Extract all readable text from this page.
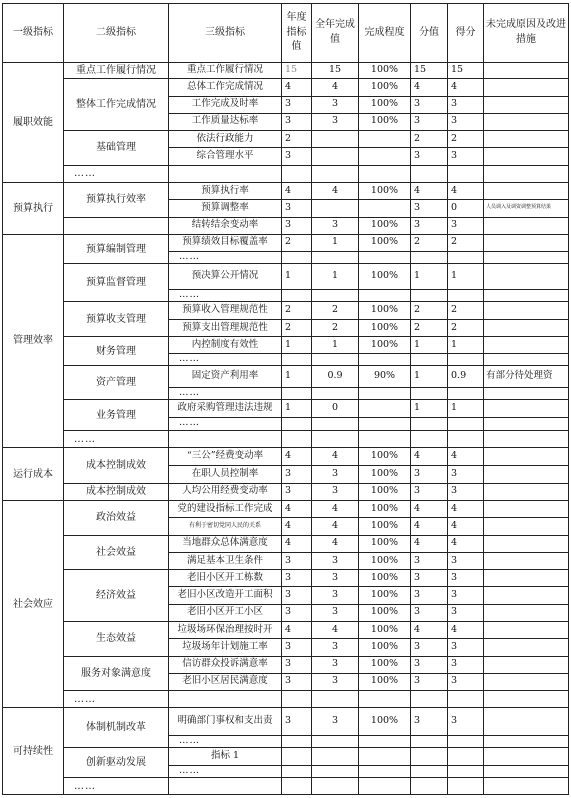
一级指标	二级指标	三级指标	年度指标值	全年完成值	完成程度	分值	得分	未完成原因及改进措施
履职效能	重点工作履行情况	重点工作履行情况	15	15	100%	15	15	
	整体工作完成情况	总体工作完成情况	4	4	100%	4	4	
		工作完成及时率	3	3	100%	3	3	
		工作质量达标率	3	3	100%	3	3	
	基础管理	依法行政能力	2			2	2	
		综合管理水平	3			3	3	
	……							
预算执行	预算执行效率	预算执行率	4	4	100%	4	4	
		预算调整率	3			3	0	人员调入及调资调整预算结果
		结转结余变动率	3	3	100%	3	3	
管理效率	预算编制管理	预算绩效目标覆盖率	2	1	100%	2	2	
		……						
	预算监督管理	预决算公开情况	1	1	100%	1	1	
		……						
	预算收支管理	预算收入管理规范性	2	2	100%	2	2	
		预算支出管理规范性	2	2	100%	2	2	
	财务管理	内控制度有效性	1	1	100%	1	1	
		……						
	资产管理	固定资产利用率	1	0.9	90%	1	0.9	有部分待处理资
		……						
	业务管理	政府采购管理违法违规	1	0		1	1	
		……						
	……							
运行成本	成本控制成效	“三公”经费变动率	4	4	100%	4	4	
		在职人员控制率	3	3	100%	3	3	
	成本控制成效	人均公用经费变动率	3	3	100%	3	3	
社会效应	政治效益	党的建设指标工作完成	4	4	100%	4	4	
		有利于密切党同人民的关系	4	4	100%	4	4	
	社会效益	当地群众总体满意度	4	4	100%	4	4	
		满足基本卫生条件	3	3	100%	3	3	
	经济效益	老旧小区开工栋数	3	3	100%	3	3	
		老旧小区改造开工面积	3	3	100%	3	3	
		老旧小区开工小区	3	3	100%	3	3	
	生态效益	垃圾场环保治理按时开	4	4	100%	4	4	
		垃圾场年计划施工率	3	3	100%	3	3	
	服务对象满意度	信访群众投诉满意率	3	3	100%	3	3	
		老旧小区居民满意度	3	3	100%	3	3	
	……							
可持续性	体制机制改革	明确部门事权和支出责	3	3	100%	3	3	
		……						
	创新驱动发展	指标 1						
		……						
	……							
